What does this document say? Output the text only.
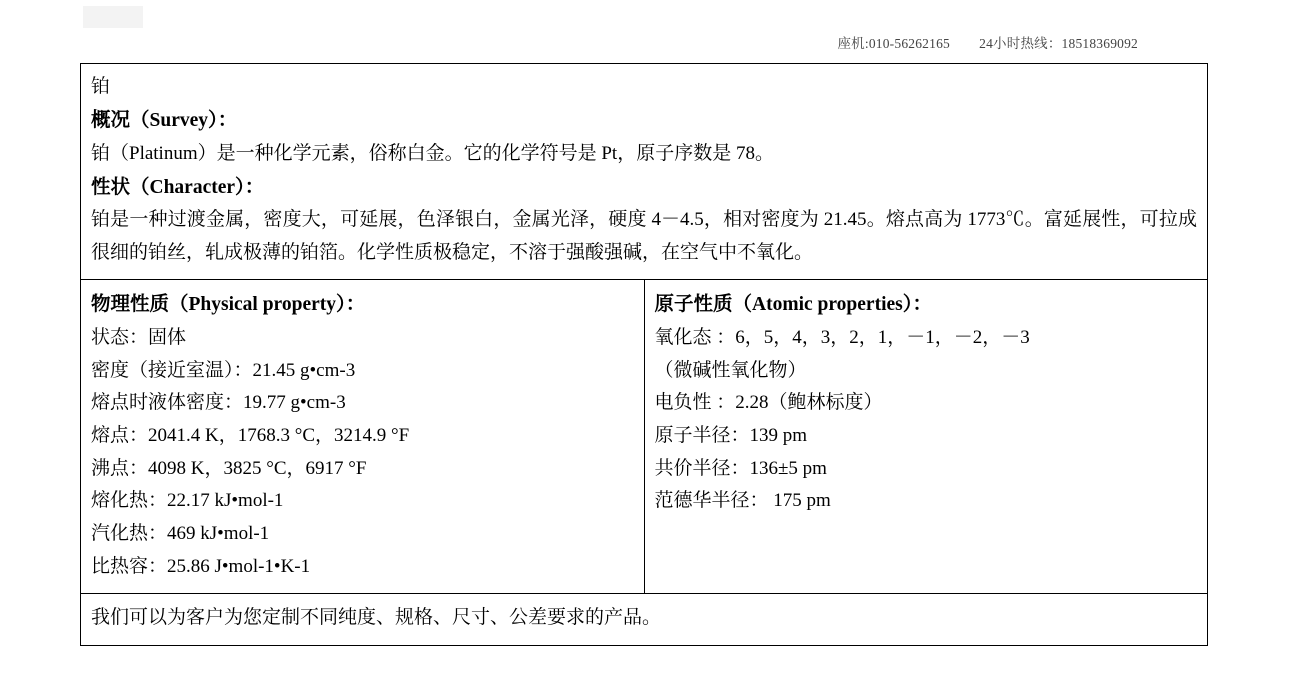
座机:010-56262165 24小时热线：18518369092
铂
概况（Survey）：
铂（Platinum）是一种化学元素，俗称白金。它的化学符号是 Pt，原子序数是 78。
性状（Character）：
铂是一种过渡金属，密度大，可延展，色泽银白，金属光泽，硬度 4－4.5，相对密度为 21.45。熔点高为 1773℃。富延展性，可拉成很细的铂丝，轧成极薄的铂箔。化学性质极稳定，不溶于强酸强碱，在空气中不氧化。

物理性质（Physical property）：
状态：固体
密度（接近室温）：21.45 g•cm-3
熔点时液体密度：19.77 g•cm-3
熔点：2041.4 K，1768.3 °C，3214.9 °F
沸点：4098 K，3825 °C，6917 °F
熔化热：22.17 kJ•mol-1
汽化热：469 kJ•mol-1
比热容：25.86 J•mol-1•K-1

原子性质（Atomic properties）：
氧化态 ：6，5，4，3，2，1，－1，－2，－3
（微碱性氧化物）
电负性 ：2.28（鲍林标度）
原子半径：139 pm
共价半径：136±5 pm
范德华半径： 175 pm

我们可以为客户为您定制不同纯度、规格、尺寸、公差要求的产品。
